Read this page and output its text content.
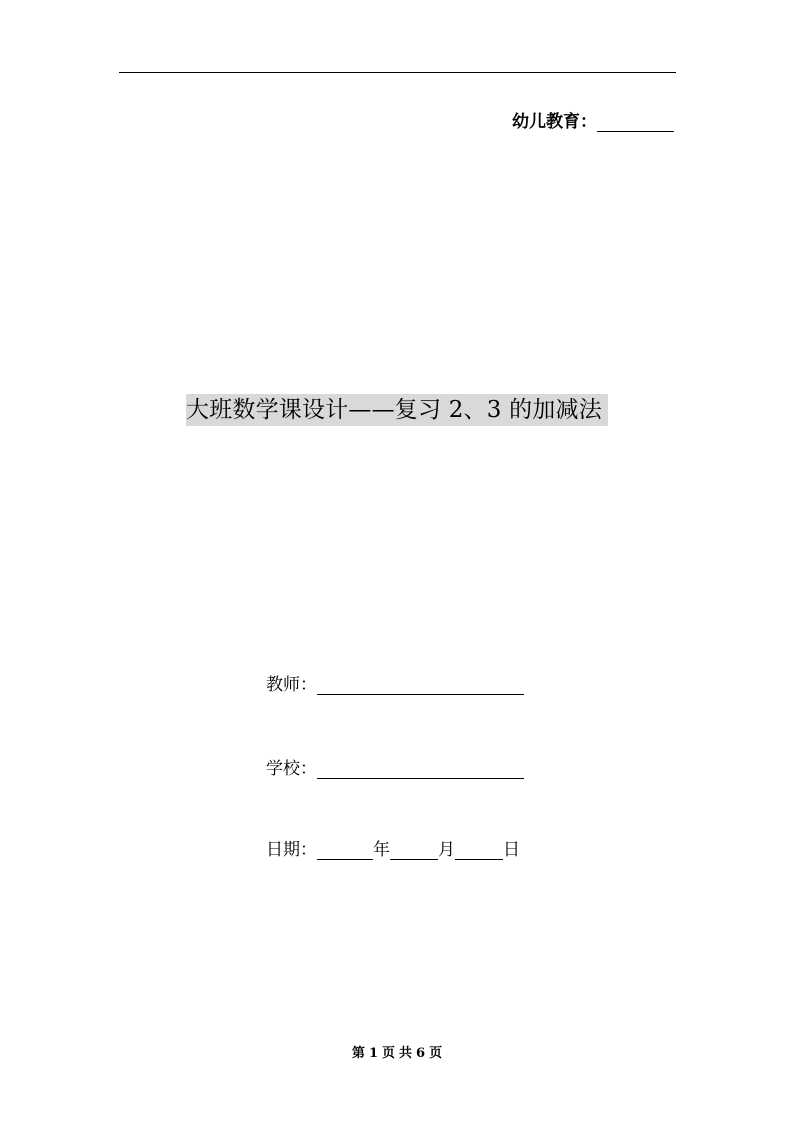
幼儿教育：
大班数学课设计——复习 2、3 的加减法
教师：
学校：
日期：	年	月	日
第 1 页 共 6 页
